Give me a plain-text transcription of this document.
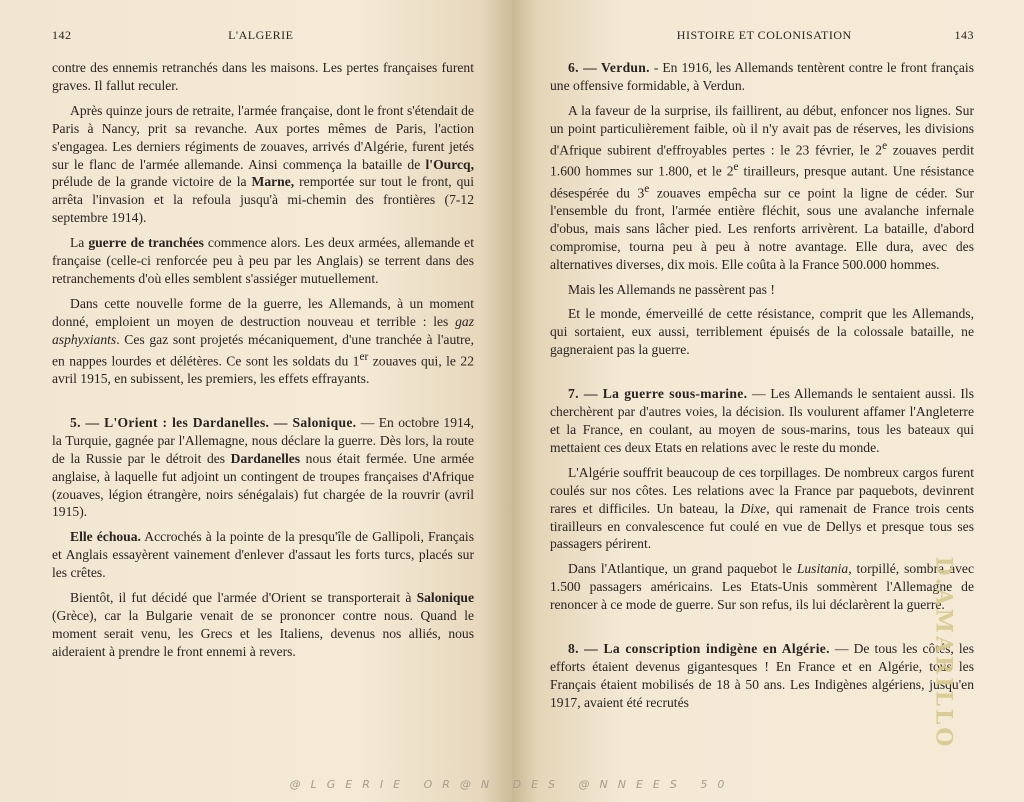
142	L'ALGERIE

contre des ennemis retranchés dans les maisons. Les pertes françaises furent graves. Il fallut reculer.

Après quinze jours de retraite, l'armée française, dont le front s'étendait de Paris à Nancy, prit sa revanche. Aux portes mêmes de Paris, l'action s'engagea. Les derniers régiments de zouaves, arrivés d'Algérie, furent jetés sur le flanc de l'armée allemande. Ainsi commença la bataille de l'Ourcq, prélude de la grande victoire de la Marne, remportée sur tout le front, qui arrêta l'invasion et la refoula jusqu'à mi-chemin des frontières (7-12 septembre 1914).

La guerre de tranchées commence alors. Les deux armées, allemande et française (celle-ci renforcée peu à peu par les Anglais) se terrent dans des retranchements d'où elles semblent s'assiéger mutuellement.

Dans cette nouvelle forme de la guerre, les Allemands, à un moment donné, emploient un moyen de destruction nouveau et terrible : les gaz asphyxiants. Ces gaz sont projetés mécaniquement, d'une tranchée à l'autre, en nappes lourdes et délétères. Ce sont les soldats du 1er zouaves qui, le 22 avril 1915, en subissent, les premiers, les effets effrayants.

5. — L'Orient : les Dardanelles. — Salonique. — En octobre 1914, la Turquie, gagnée par l'Allemagne, nous déclare la guerre. Dès lors, la route de la Russie par le détroit des Dardanelles nous était fermée. Une armée anglaise, à laquelle fut adjoint un contingent de troupes françaises d'Afrique (zouaves, légion étrangère, noirs sénégalais) fut chargée de la rouvrir (avril 1915).

Elle échoua. Accrochés à la pointe de la presqu'île de Gallipoli, Français et Anglais essayèrent vainement d'enlever d'assaut les forts turcs, placés sur les crêtes.

Bientôt, il fut décidé que l'armée d'Orient se transporterait à Salonique (Grèce), car la Bulgarie venait de se prononcer contre nous. Quand le moment serait venu, les Grecs et les Italiens, devenus nos alliés, nous aideraient à prendre le front ennemi à revers.

HISTOIRE ET COLONISATION	143

6. — Verdun. - En 1916, les Allemands tentèrent contre le front français une offensive formidable, à Verdun.

A la faveur de la surprise, ils faillirent, au début, enfoncer nos lignes. Sur un point particulièrement faible, où il n'y avait pas de réserves, les divisions d'Afrique subirent d'effroyables pertes : le 23 février, le 2e zouaves perdit 1.600 hommes sur 1.800, et le 2e tirailleurs, presque autant. Une résistance désespérée du 3e zouaves empêcha sur ce point la ligne de céder. Sur l'ensemble du front, l'armée entière fléchit, sous une avalanche infernale d'obus, mais sans lâcher pied. Les renforts arrivèrent. La bataille, d'abord compromise, tourna peu à peu à notre avantage. Elle dura, avec des alternatives diverses, dix mois. Elle coûta à la France 500.000 hommes.

Mais les Allemands ne passèrent pas !

Et le monde, émerveillé de cette résistance, comprit que les Allemands, qui sortaient, eux aussi, terriblement épuisés de la colossale bataille, ne gagneraient pas la guerre.

7. — La guerre sous-marine. — Les Allemands le sentaient aussi. Ils cherchèrent par d'autres voies, la décision. Ils voulurent affamer l'Angleterre et la France, en coulant, au moyen de sous-marins, tous les bateaux qui mettaient ces deux Etats en relations avec le reste du monde.

L'Algérie souffrit beaucoup de ces torpillages. De nombreux cargos furent coulés sur nos côtes. Les relations avec la France par paquebots, devinrent rares et difficiles. Un bateau, la Dixe, qui ramenait de France trois cents tirailleurs en convalescence fut coulé en vue de Dellys et presque tous ses passagers périrent.

Dans l'Atlantique, un grand paquebot le Lusitania, torpillé, sombra avec 1.500 passagers américains. Les Etats-Unis sommèrent l'Allemagne de renoncer à ce mode de guerre. Sur son refus, ils lui déclarèrent la guerre.

8. — La conscription indigène en Algérie. — De tous les côtés, les efforts étaient devenus gigantesques ! En France et en Algérie, tous les Français étaient mobilisés de 18 à 50 ans. Les Indigènes algériens, jusqu'en 1917, avaient été recrutés	D.AMARILLO
@LGERIE OR@N DES @NNEES 50
